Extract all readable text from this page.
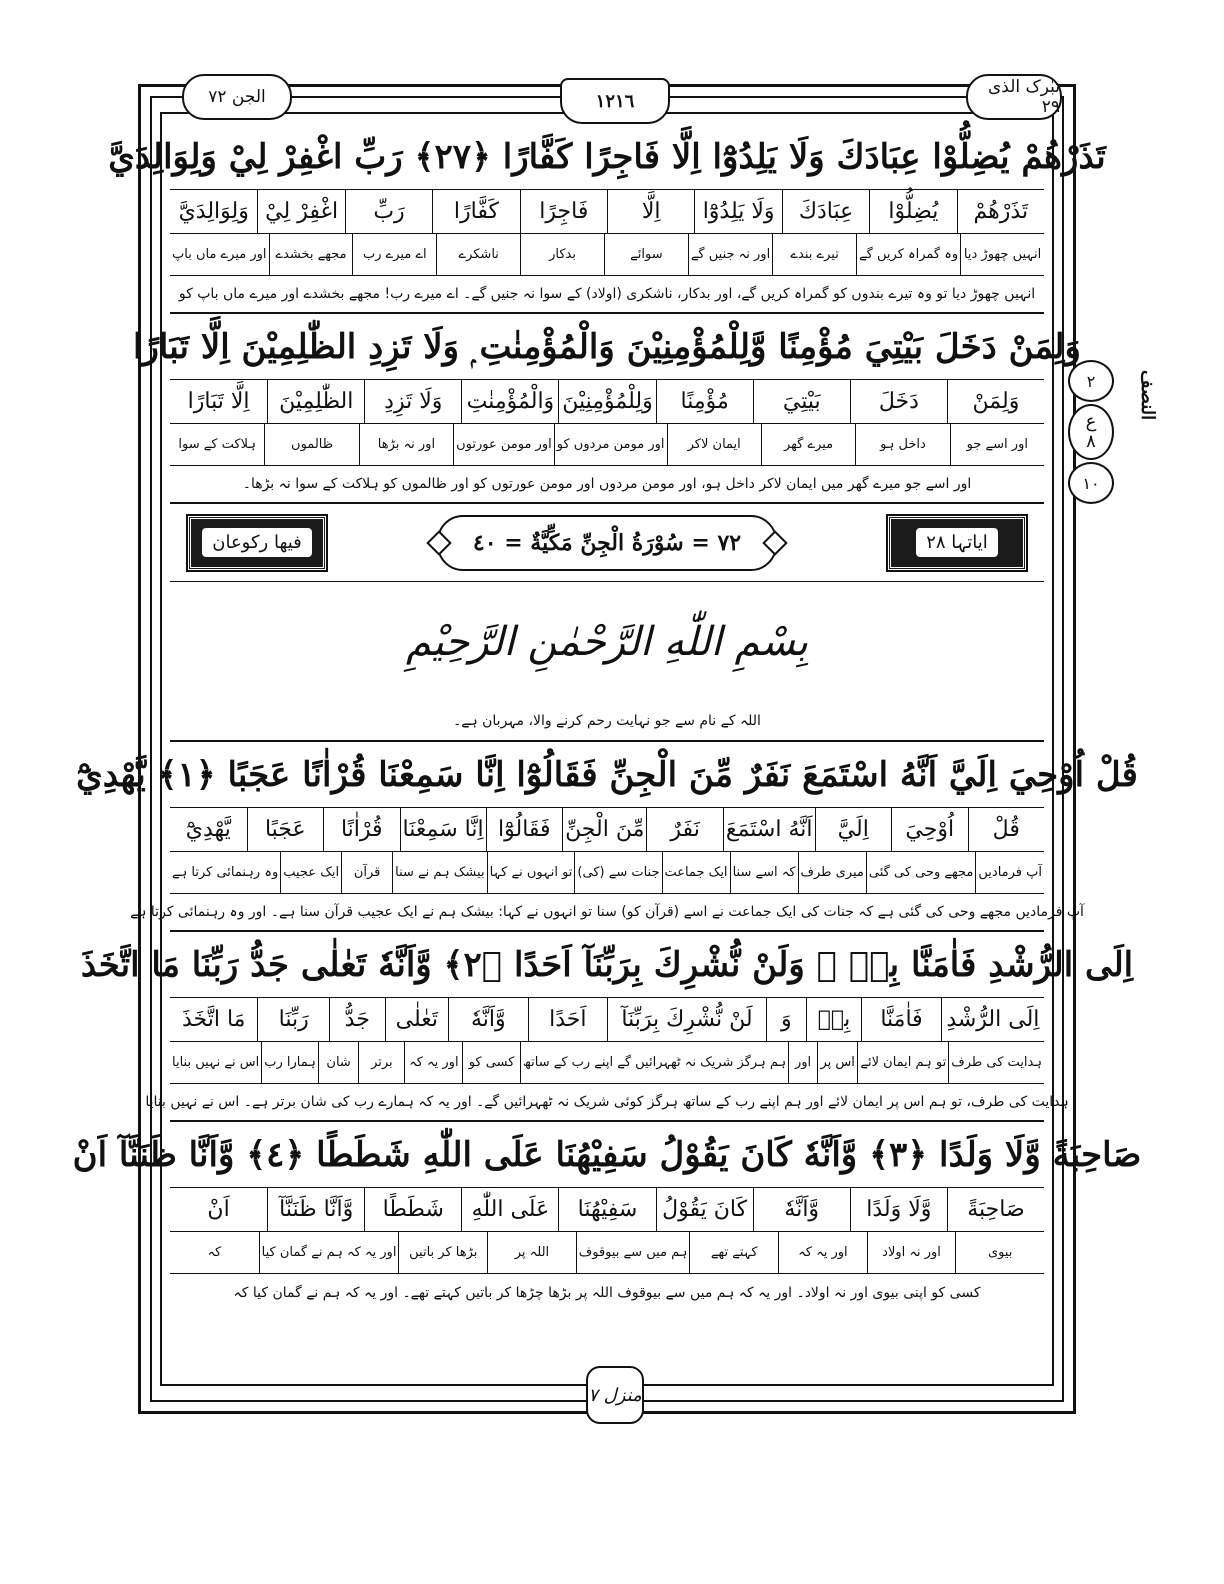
الجن ٧٢	١٢١٦
تبٰرک الذی ٢٩
٢
ع
٨
١٠
النصف
تَذَرْهُمْ يُضِلُّوْا عِبَادَكَ وَلَا يَلِدُوْٓا اِلَّا فَاجِرًا كَفَّارًا ﴿٢٧﴾ رَبِّ اغْفِرْ لِيْ وَلِوَالِدَيَّ
تَذَرْهُمْ
يُضِلُّوْا
عِبَادَكَ
وَلَا يَلِدُوْٓا
اِلَّا
فَاجِرًا
كَفَّارًا
رَبِّ
اغْفِرْ لِيْ
وَلِوَالِدَيَّ
انہیں چھوڑ دیا
وہ گمراہ کریں گے
تیرے بندے
اور نہ جنیں گے
سوائے
بدکار
ناشکرے
اے میرے رب
مجھے بخشدے
اور میرے ماں باپ
انہیں چھوڑ دیا تو وہ تیرے بندوں کو گمراہ کریں گے، اور بدکار، ناشکری (اولاد) کے سوا نہ جنیں گے۔ اے میرے رب! مجھے بخشدے اور میرے ماں باپ کو
وَلِمَنْ دَخَلَ بَيْتِيَ مُؤْمِنًا وَّلِلْمُؤْمِنِيْنَ وَالْمُؤْمِنٰتِ ۭ وَلَا تَزِدِ الظّٰلِمِيْنَ اِلَّا تَبَارًا
وَلِمَنْ
دَخَلَ
بَيْتِيَ
مُؤْمِنًا
وَلِلْمُؤْمِنِيْنَ
وَالْمُؤْمِنٰتِ
وَلَا تَزِدِ
الظّٰلِمِيْنَ
اِلَّا تَبَارًا
اور اسے جو
داخل ہو
میرے گھر
ایمان لاکر
اور مومن مردوں کو
اور مومن عورتوں
اور نہ بڑھا
ظالموں
ہلاکت کے سوا
اور اسے جو میرے گھر میں ایمان لاکر داخل ہو، اور مومن مردوں اور مومن عورتوں کو اور ظالموں کو ہلاکت کے سوا نہ بڑھا۔
ایاتہا ٢٨
٧٢ = سُوْرَةُ الْجِنِّ مَكِّيَّةٌ = ٤٠
فیھا رکوعان
بِسْمِ اللّٰهِ الرَّحْمٰنِ الرَّحِيْمِ
اللہ کے نام سے جو نہایت رحم کرنے والا، مہربان ہے۔
قُلْ اُوْحِيَ اِلَيَّ اَنَّهُ اسْتَمَعَ نَفَرٌ مِّنَ الْجِنِّ فَقَالُوْٓا اِنَّا سَمِعْنَا قُرْاٰنًا عَجَبًا ﴿١﴾ يَّهْدِيْٓ
قُلْ
اُوْحِيَ
اِلَيَّ
اَنَّهُ اسْتَمَعَ
نَفَرٌ
مِّنَ الْجِنِّ
فَقَالُوْٓا
اِنَّا سَمِعْنَا
قُرْاٰنًا
عَجَبًا
يَّهْدِيْٓ
آپ فرمادیں
مجھے وحی کی گئی
میری طرف
کہ اسے سنا
ایک جماعت
جنات سے (کی)
تو انہوں نے کہا
بیشک ہم نے سنا
قرآن
ایک عجیب
وہ رہنمائی کرتا ہے
آپ فرمادیں مجھے وحی کی گئی ہے کہ جنات کی ایک جماعت نے اسے (قرآن کو) سنا تو انہوں نے کہا: بیشک ہم نے ایک عجیب قرآن سنا ہے۔ اور وہ رہنمائی کرتا ہے
اِلَى الرُّشْدِ فَاٰمَنَّا بِهٖ ۭ وَلَنْ نُّشْرِكَ بِرَبِّنَآ اَحَدًا ﴿٢﴾ وَّاَنَّهٗ تَعٰلٰى جَدُّ رَبِّنَا مَا اتَّخَذَ
اِلَى الرُّشْدِ
فَاٰمَنَّا
بِهٖ
وَ
لَنْ نُّشْرِكَ بِرَبِّنَآ
اَحَدًا
وَّاَنَّهٗ
تَعٰلٰى
جَدُّ
رَبِّنَا
مَا اتَّخَذَ
ہدایت کی طرف
تو ہم ایمان لائے
اس پر
اور
ہم ہرگز شریک نہ ٹھہرائیں گے اپنے رب کے ساتھ
کسی کو
اور یہ کہ
برتر
شان
ہمارا رب
اس نے نہیں بنایا
ہدایت کی طرف، تو ہم اس پر ایمان لائے اور ہم اپنے رب کے ساتھ ہرگز کوئی شریک نہ ٹھہرائیں گے۔ اور یہ کہ ہمارے رب کی شان برتر ہے۔ اس نے نہیں بنایا
صَاحِبَةً وَّلَا وَلَدًا ﴿٣﴾ وَّاَنَّهٗ كَانَ يَقُوْلُ سَفِيْهُنَا عَلَى اللّٰهِ شَطَطًا ﴿٤﴾ وَّاَنَّا ظَنَنَّآ اَنْ
صَاحِبَةً
وَّلَا وَلَدًا
وَّاَنَّهٗ
كَانَ يَقُوْلُ
سَفِيْهُنَا
عَلَى اللّٰهِ
شَطَطًا
وَّاَنَّا ظَنَنَّآ
اَنْ
بیوی
اور نہ اولاد
اور یہ کہ
کہتے تھے
ہم میں سے بیوقوف
اللہ پر
بڑھا کر باتیں
اور یہ کہ ہم نے گمان کیا
کہ
کسی کو اپنی بیوی اور نہ اولاد۔ اور یہ کہ ہم میں سے بیوقوف اللہ پر بڑھا چڑھا کر باتیں کہتے تھے۔ اور یہ کہ ہم نے گمان کیا کہ
منزل ٧
